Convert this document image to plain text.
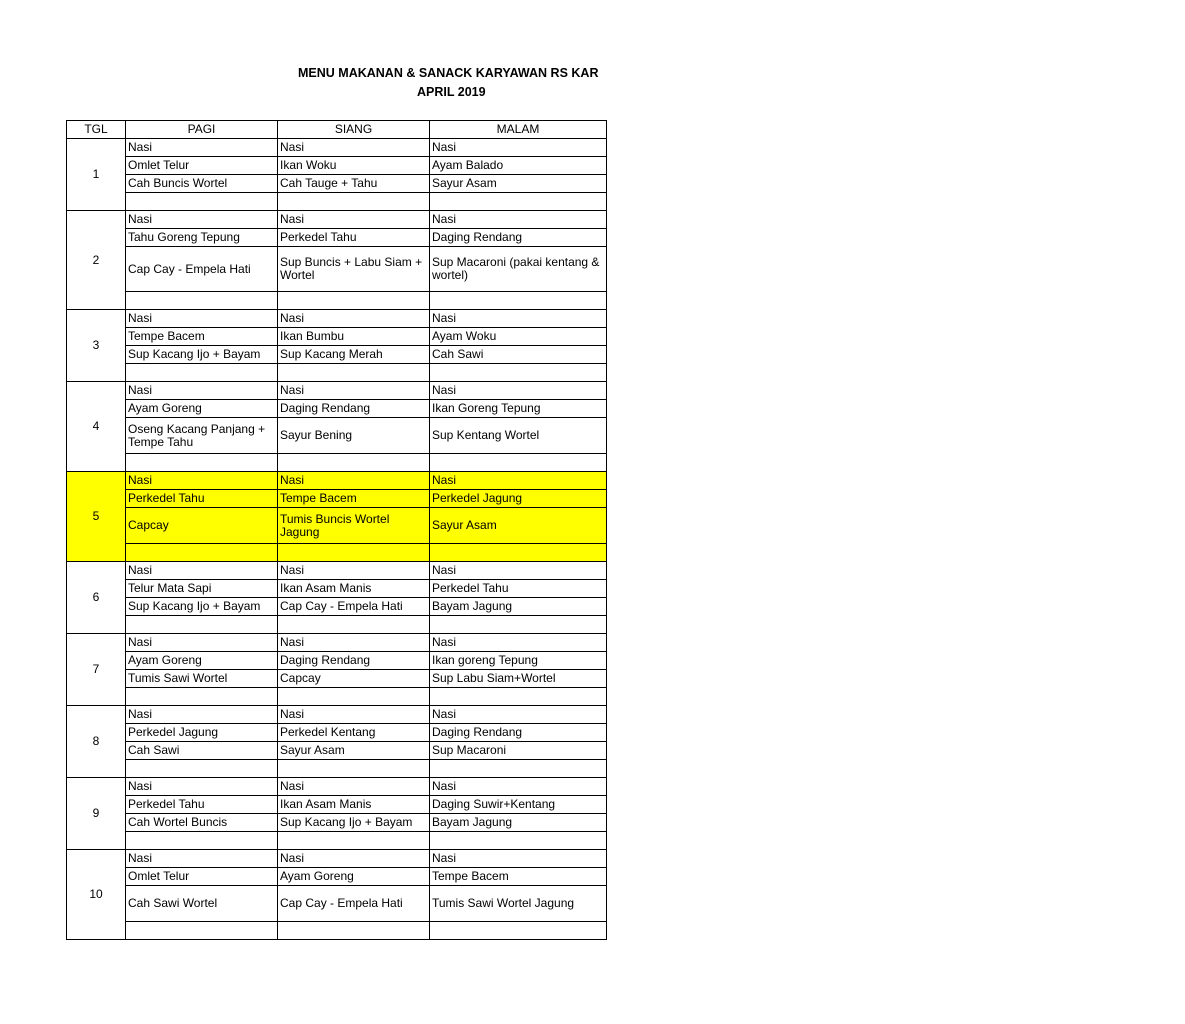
MENU MAKANAN & SANACK KARYAWAN RS KAR
APRIL 2019
TGL	PAGI	SIANG	MALAM
1	Nasi	Nasi	Nasi
	Omlet Telur	Ikan Woku	Ayam Balado
	Cah Buncis Wortel	Cah Tauge + Tahu	Sayur Asam

2	Nasi	Nasi	Nasi
	Tahu Goreng Tepung	Perkedel Tahu	Daging Rendang
	Cap Cay - Empela Hati	Sup Buncis + Labu Siam + Wortel	Sup Macaroni (pakai kentang & wortel)

3	Nasi	Nasi	Nasi
	Tempe Bacem	Ikan Bumbu	Ayam Woku
	Sup Kacang Ijo + Bayam	Sup Kacang Merah	Cah Sawi

4	Nasi	Nasi	Nasi
	Ayam Goreng	Daging Rendang	Ikan Goreng Tepung
	Oseng Kacang Panjang + Tempe Tahu	Sayur Bening	Sup Kentang Wortel

5	Nasi	Nasi	Nasi
	Perkedel Tahu	Tempe Bacem	Perkedel Jagung
	Capcay	Tumis Buncis Wortel Jagung	Sayur Asam

6	Nasi	Nasi	Nasi
	Telur Mata Sapi	Ikan Asam Manis	Perkedel Tahu
	Sup Kacang Ijo + Bayam	Cap Cay - Empela Hati	Bayam Jagung

7	Nasi	Nasi	Nasi
	Ayam Goreng	Daging Rendang	Ikan goreng Tepung
	Tumis Sawi Wortel	Capcay	Sup Labu Siam+Wortel

8	Nasi	Nasi	Nasi
	Perkedel Jagung	Perkedel Kentang	Daging Rendang
	Cah Sawi	Sayur Asam	Sup Macaroni

9	Nasi	Nasi	Nasi
	Perkedel Tahu	Ikan Asam Manis	Daging Suwir+Kentang
	Cah Wortel Buncis	Sup Kacang Ijo + Bayam	Bayam Jagung

10	Nasi	Nasi	Nasi
	Omlet Telur	Ayam Goreng	Tempe Bacem
	Cah Sawi Wortel	Cap Cay - Empela Hati	Tumis Sawi Wortel Jagung
